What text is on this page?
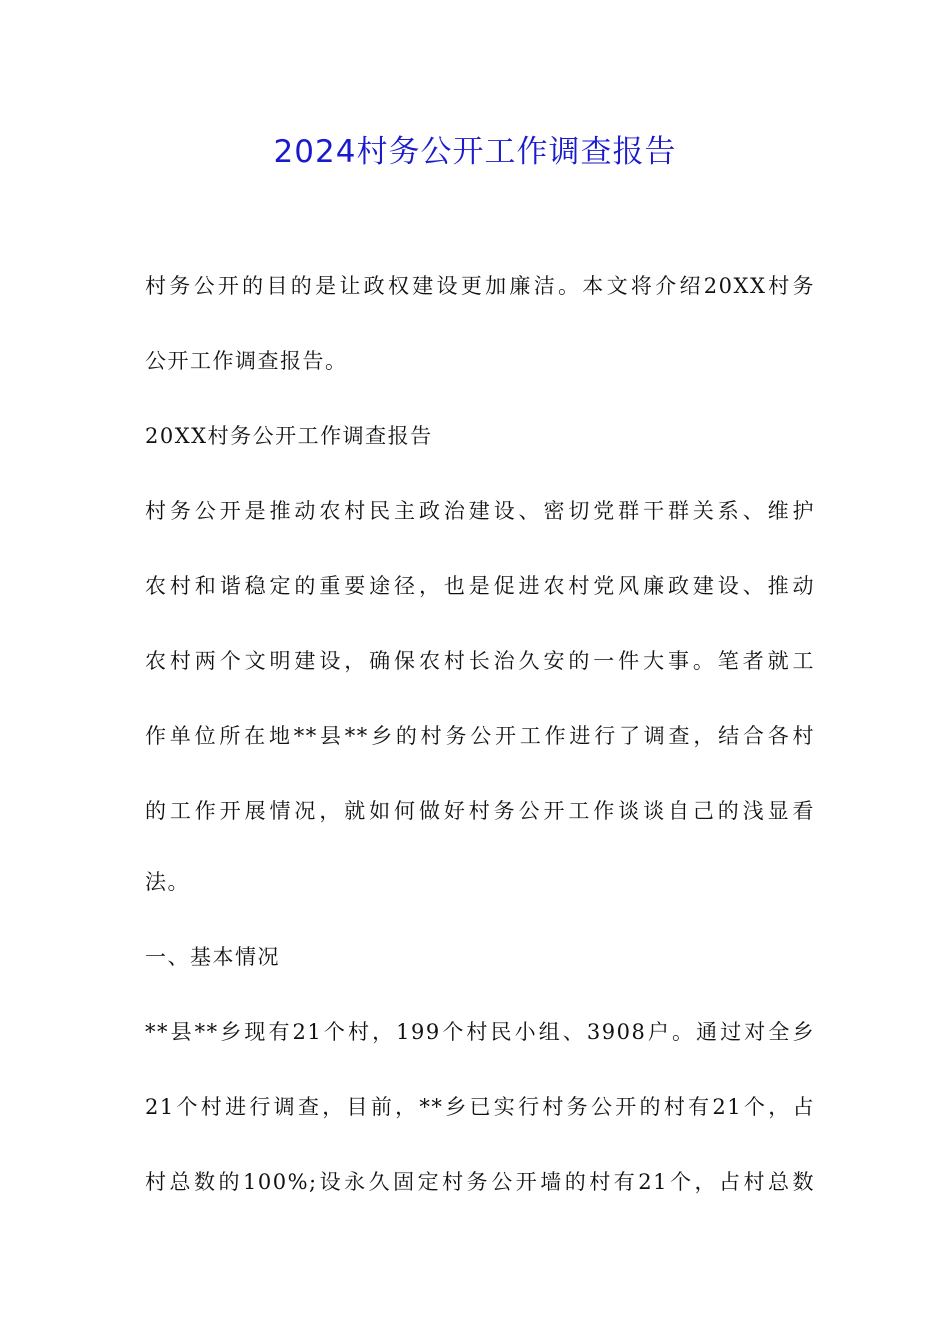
2024村务公开工作调查报告

村务公开的目的是让政权建设更加廉洁。本文将介绍20XX村务

公开工作调查报告。

20XX村务公开工作调查报告

村务公开是推动农村民主政治建设、密切党群干群关系、维护

农村和谐稳定的重要途径，也是促进农村党风廉政建设、推动

农村两个文明建设，确保农村长治久安的一件大事。笔者就工

作单位所在地**县**乡的村务公开工作进行了调查，结合各村

的工作开展情况，就如何做好村务公开工作谈谈自己的浅显看

法。

一、基本情况

**县**乡现有21个村，199个村民小组、3908户。通过对全乡

21个村进行调查，目前，**乡已实行村务公开的村有21个，占

村总数的100%;设永久固定村务公开墙的村有21个，占村总数
